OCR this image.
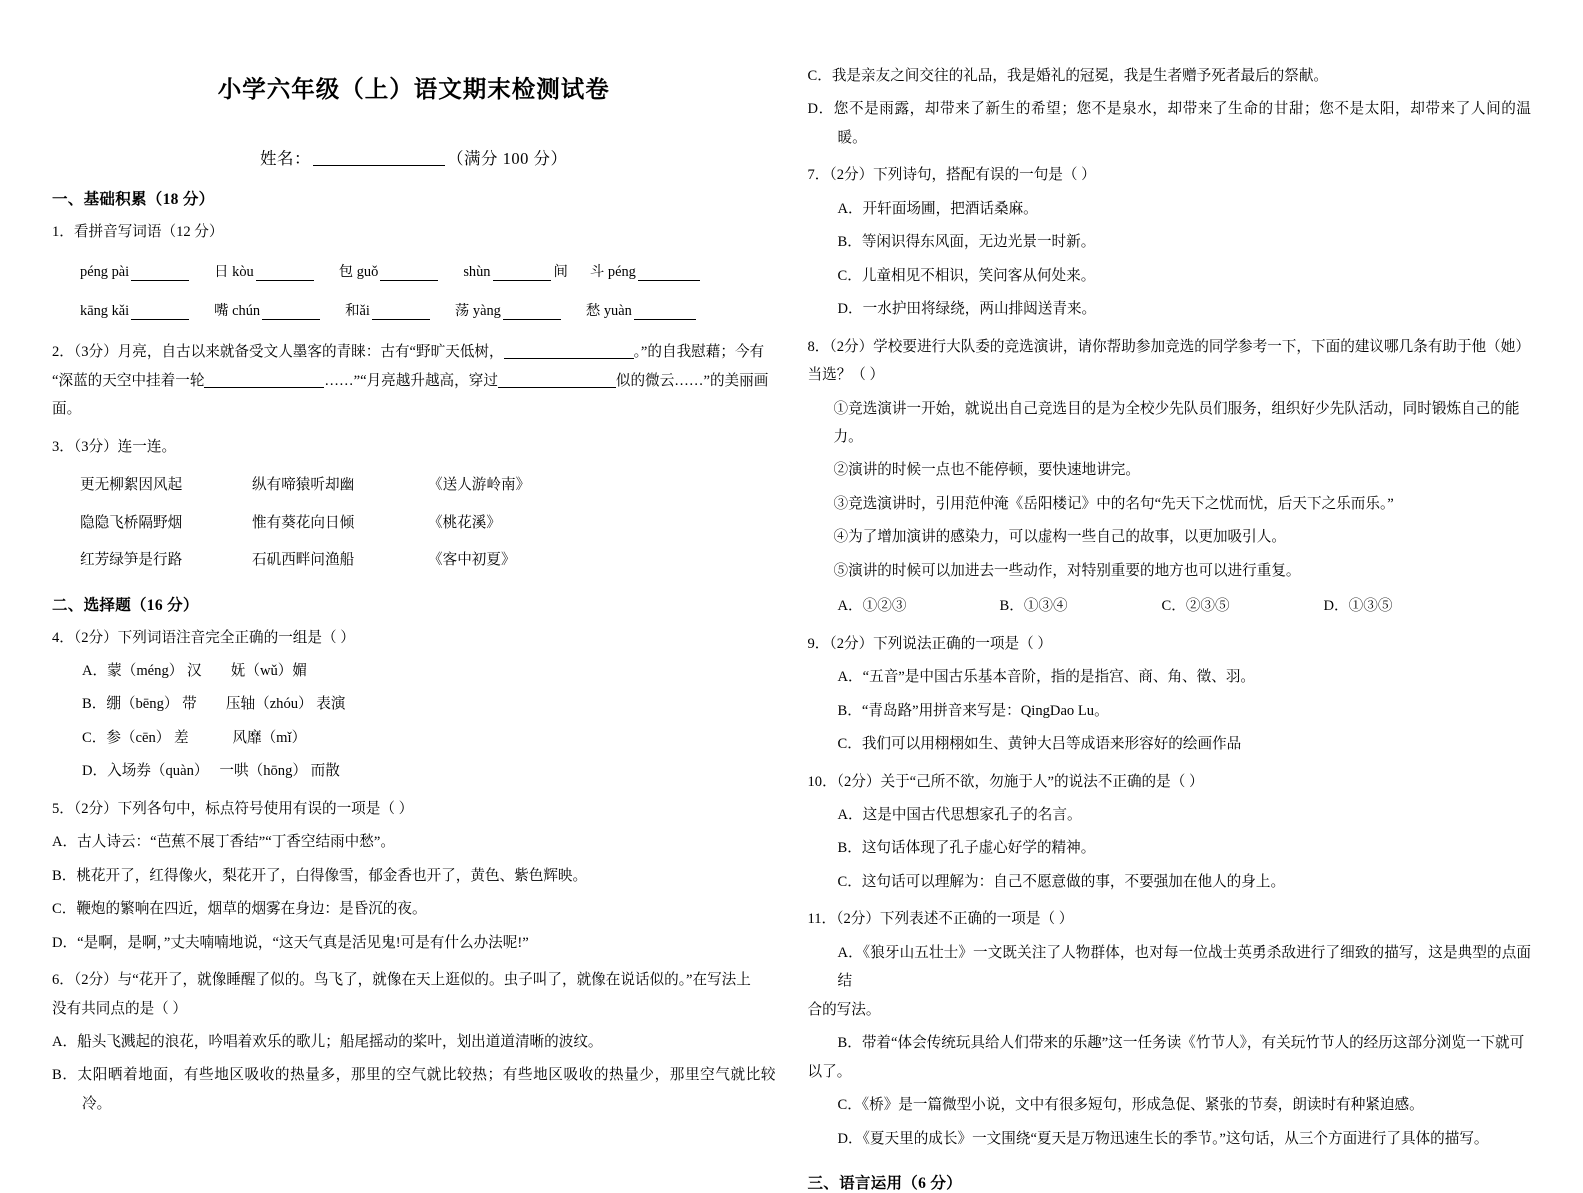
小学六年级（上）语文期末检测试卷
姓名：	（满分 100 分）
一、基础积累（18 分）
1．看拼音写词语（12 分）
péng pài	日 kòu	包 guǒ	shùn	间 斗 péng
kāng kǎi	嘴 chún	和ǎi	荡 yàng	愁 yuàn
2．（3分）月亮，自古以来就备受文人墨客的青睐：古有“野旷天低树，	。”的自我慰藉；今有
“深蓝的天空中挂着一轮	……”“月亮越升越高，穿过	似的微云……”的美丽画
面。
3．（3分）连一连。
更无柳絮因风起	纵有啼猿听却幽	《送人游岭南》
隐隐飞桥隔野烟	惟有葵花向日倾	《桃花溪》
红芳绿笋是行路	石矶西畔问渔船	《客中初夏》
二、选择题（16 分）
4．（2分）下列词语注音完全正确的一组是（ ）
A．蒙（méng） 汉　　妩（wǔ）媚
B．绷（bēng） 带　　压轴（zhóu） 表演
C．参（cēn） 差　　　风靡（mǐ）
D．入场券（quàn）　 一哄（hōng） 而散
5．（2分）下列各句中，标点符号使用有误的一项是（ ）
A．古人诗云：“芭蕉不展丁香结”“丁香空结雨中愁”。
B．桃花开了，红得像火，梨花开了，白得像雪，郁金香也开了，黄色、紫色辉映。
C．鞭炮的繁响在四近，烟草的烟雾在身边：是昏沉的夜。
D．“是啊，是啊，”丈夫喃喃地说，“这天气真是活见鬼!可是有什么办法呢!”
6．（2分）与“花开了，就像睡醒了似的。鸟飞了，就像在天上逛似的。虫子叫了，就像在说话似的。”在写法上
没有共同点的是（ ）
A．船头飞溅起的浪花，吟唱着欢乐的歌儿；船尾摇动的桨叶，划出道道清晰的波纹。
B．太阳晒着地面，有些地区吸收的热量多，那里的空气就比较热；有些地区吸收的热量少，那里空气就比较冷。
C．我是亲友之间交往的礼品，我是婚礼的冠冕，我是生者赠予死者最后的祭献。
D．您不是雨露，却带来了新生的希望；您不是泉水，却带来了生命的甘甜；您不是太阳，却带来了人间的温暖。
7．（2分）下列诗句，搭配有误的一句是（ ）
A．开轩面场圃，把酒话桑麻。
B．等闲识得东风面，无边光景一时新。
C．儿童相见不相识，笑问客从何处来。
D．一水护田将绿绕，两山排闼送青来。
8．（2分）学校要进行大队委的竞选演讲，请你帮助参加竞选的同学参考一下，下面的建议哪几条有助于他（她）
当选？（ ）
①竞选演讲一开始，就说出自己竞选目的是为全校少先队员们服务，组织好少先队活动，同时锻炼自己的能力。
②演讲的时候一点也不能停顿，要快速地讲完。
③竞选演讲时，引用范仲淹《岳阳楼记》中的名句“先天下之忧而忧，后天下之乐而乐。”
④为了增加演讲的感染力，可以虚构一些自己的故事，以更加吸引人。
⑤演讲的时候可以加进去一些动作，对特别重要的地方也可以进行重复。
A．①②③	B．①③④	C．②③⑤	D．①③⑤
9．（2分）下列说法正确的一项是（ ）
A．“五音”是中国古乐基本音阶，指的是指宫、商、角、徵、羽。
B．“青岛路”用拼音来写是：QingDao Lu。
C．我们可以用栩栩如生、黄钟大吕等成语来形容好的绘画作品
10．（2分）关于“己所不欲，勿施于人”的说法不正确的是（ ）
A．这是中国古代思想家孔子的名言。
B．这句话体现了孔子虚心好学的精神。
C．这句话可以理解为：自己不愿意做的事，不要强加在他人的身上。
11．（2分）下列表述不正确的一项是（ ）
A．《狼牙山五壮士》一文既关注了人物群体，也对每一位战士英勇杀敌进行了细致的描写，这是典型的点面结
合的写法。
B．带着“体会传统玩具给人们带来的乐趣”这一任务读《竹节人》，有关玩竹节人的经历这部分浏览一下就可
以了。
C．《桥》是一篇微型小说，文中有很多短句，形成急促、紧张的节奏，朗读时有种紧迫感。
D．《夏天里的成长》一文围绕“夏天是万物迅速生长的季节。”这句话，从三个方面进行了具体的描写。
三、语言运用（6 分）
